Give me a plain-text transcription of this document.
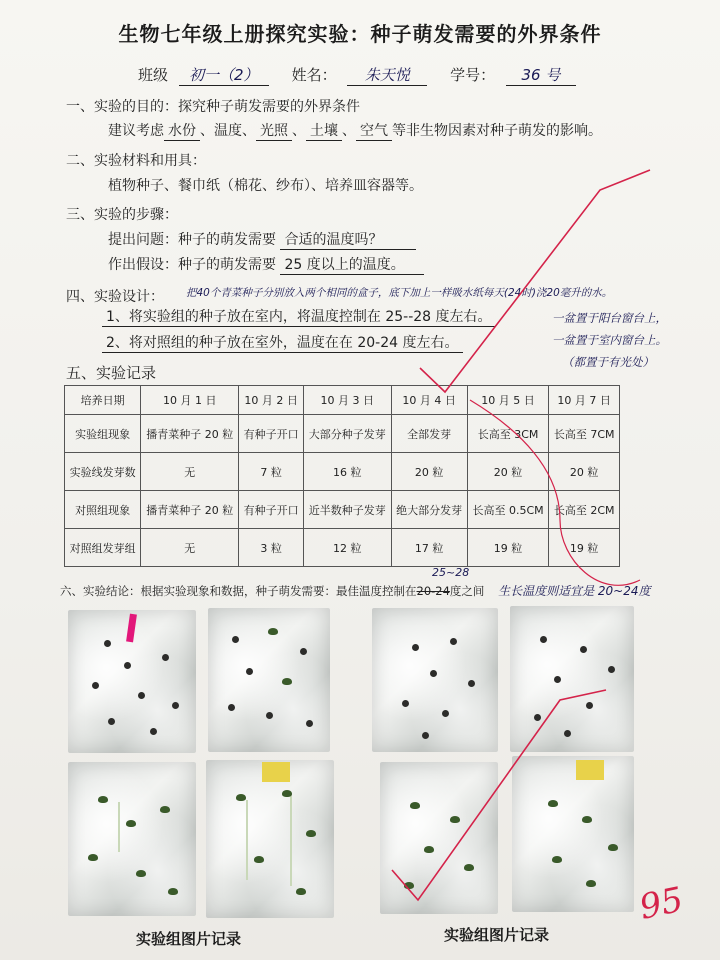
生物七年级上册探究实验：种子萌发需要的外界条件
班级 初一（2） 姓名： 朱天悦	学号： 36 号
一、实验的目的：探究种子萌发需要的外界条件
建议考虑 水份 、温度、 光照 、 土壤 、 空气 等非生物因素对种子萌发的影响。
二、实验材料和用具：
植物种子、餐巾纸（棉花、纱布）、培养皿容器等。
三、实验的步骤：
提出问题：种子的萌发需要 合适的温度吗？
作出假设：种子的萌发需要 25 度以上的温度。
四、实验设计： 把40个青菜种子分别放入两个相同的盒子，底下加上一样吸水纸每天(24时)浇20毫升的水。
1、将实验组的种子放在室内，将温度控制在 25--28 度左右。
2、将对照组的种子放在室外，温度在在 20-24 度左右。
一盆置于阳台窗台上，
一盆置于室内窗台上。
（都置于有光处）
五、实验记录
培养日期	10 月 1 日	10 月 2 日	10 月 3 日	10 月 4 日	10 月 5 日	10 月 7 日
实验组现象	播青菜种子 20 粒	有种子开口	大部分种子发芽	全部发芽	长高至 3CM	长高至 7CM
实验线发芽数	无	7 粒	16 粒	20 粒	20 粒	20 粒
对照组现象	播青菜种子 20 粒	有种子开口	近半数种子发芽	绝大部分发芽	长高至 0.5CM	长高至 2CM
对照组发芽组	无	3 粒	12 粒	17 粒	19 粒	19 粒
25~28
六、实验结论：根据实验现象和数据，种子萌发需要：最佳温度控制在20-24度之间 生长温度则适宜是 20~24度
实验组图片记录	实验组图片记录
95
